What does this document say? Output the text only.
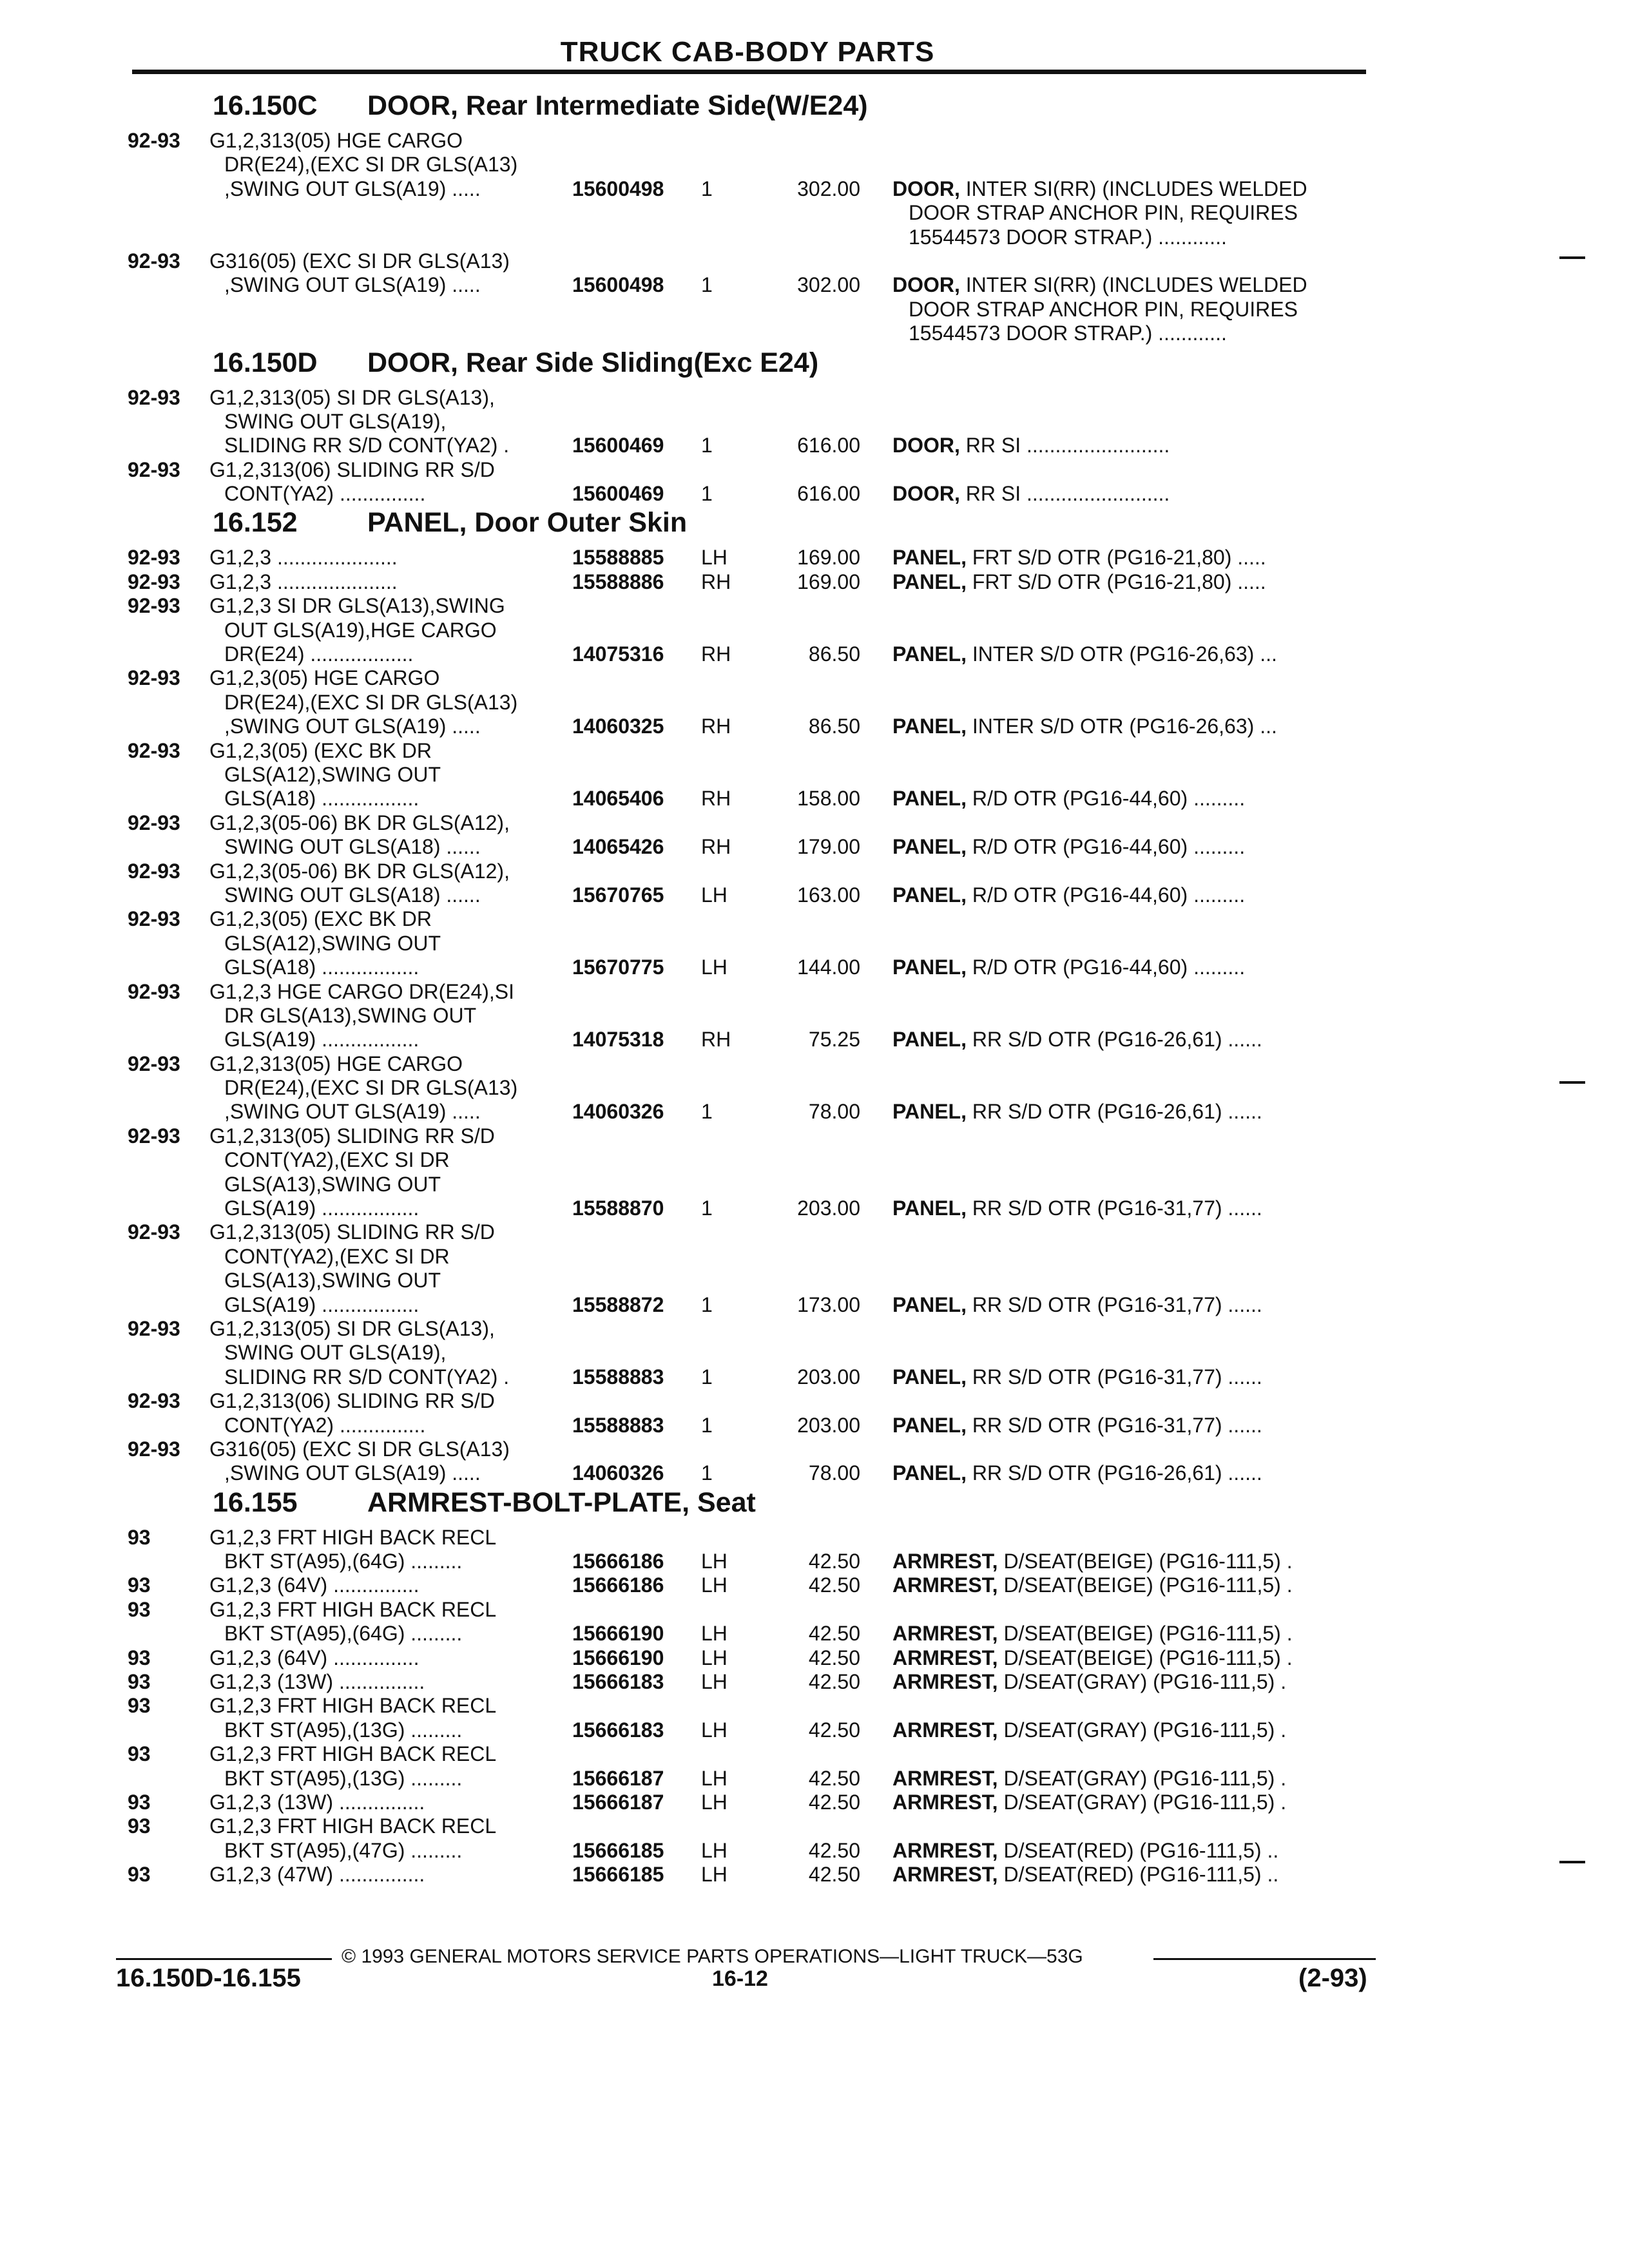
TRUCK CAB-BODY PARTS
16.150C DOOR, Rear Intermediate Side(W/E24)
92-93 G1,2,313(05) HGE CARGO
DR(E24),(EXC SI DR GLS(A13)
,SWING OUT GLS(A19) .....	15600498 1	302.00 DOOR, INTER SI(RR) (INCLUDES WELDED
DOOR STRAP ANCHOR PIN, REQUIRES
15544573 DOOR STRAP.) ............
92-93 G316(05) (EXC SI DR GLS(A13)
,SWING OUT GLS(A19) .....	15600498 1	302.00 DOOR, INTER SI(RR) (INCLUDES WELDED
DOOR STRAP ANCHOR PIN, REQUIRES
15544573 DOOR STRAP.) ............
16.150D DOOR, Rear Side Sliding(Exc E24)
92-93 G1,2,313(05) SI DR GLS(A13),
SWING OUT GLS(A19),
SLIDING RR S/D CONT(YA2) .	15600469 1	616.00 DOOR, RR SI .........................
92-93 G1,2,313(06) SLIDING RR S/D
CONT(YA2) ...............	15600469 1	616.00 DOOR, RR SI .........................
16.152	PANEL, Door Outer Skin
92-93 G1,2,3 .....................	15588885 LH	169.00 PANEL, FRT S/D OTR (PG16-21,80) .....
92-93 G1,2,3 .....................	15588886 RH	169.00 PANEL, FRT S/D OTR (PG16-21,80) .....
92-93 G1,2,3 SI DR GLS(A13),SWING
OUT GLS(A19),HGE CARGO
DR(E24) ..................	14075316 RH	86.50 PANEL, INTER S/D OTR (PG16-26,63) ...
92-93 G1,2,3(05) HGE CARGO
DR(E24),(EXC SI DR GLS(A13)
,SWING OUT GLS(A19) .....	14060325 RH	86.50 PANEL, INTER S/D OTR (PG16-26,63) ...
92-93 G1,2,3(05) (EXC BK DR
GLS(A12),SWING OUT
GLS(A18) .................	14065406 RH	158.00 PANEL, R/D OTR (PG16-44,60) .........
92-93 G1,2,3(05-06) BK DR GLS(A12),
SWING OUT GLS(A18) ......	14065426 RH	179.00 PANEL, R/D OTR (PG16-44,60) .........
92-93 G1,2,3(05-06) BK DR GLS(A12),
SWING OUT GLS(A18) ......	15670765 LH	163.00 PANEL, R/D OTR (PG16-44,60) .........
92-93 G1,2,3(05) (EXC BK DR
GLS(A12),SWING OUT
GLS(A18) .................	15670775 LH	144.00 PANEL, R/D OTR (PG16-44,60) .........
92-93 G1,2,3 HGE CARGO DR(E24),SI
DR GLS(A13),SWING OUT
GLS(A19) .................	14075318 RH	75.25 PANEL, RR S/D OTR (PG16-26,61) ......
92-93 G1,2,313(05) HGE CARGO
DR(E24),(EXC SI DR GLS(A13)
,SWING OUT GLS(A19) .....	14060326 1	78.00 PANEL, RR S/D OTR (PG16-26,61) ......
92-93 G1,2,313(05) SLIDING RR S/D
CONT(YA2),(EXC SI DR
GLS(A13),SWING OUT
GLS(A19) .................	15588870 1	203.00 PANEL, RR S/D OTR (PG16-31,77) ......
92-93 G1,2,313(05) SLIDING RR S/D
CONT(YA2),(EXC SI DR
GLS(A13),SWING OUT
GLS(A19) .................	15588872 1	173.00 PANEL, RR S/D OTR (PG16-31,77) ......
92-93 G1,2,313(05) SI DR GLS(A13),
SWING OUT GLS(A19),
SLIDING RR S/D CONT(YA2) .	15588883 1	203.00 PANEL, RR S/D OTR (PG16-31,77) ......
92-93 G1,2,313(06) SLIDING RR S/D
CONT(YA2) ...............	15588883 1	203.00 PANEL, RR S/D OTR (PG16-31,77) ......
92-93 G316(05) (EXC SI DR GLS(A13)
,SWING OUT GLS(A19) .....	14060326 1	78.00 PANEL, RR S/D OTR (PG16-26,61) ......
16.155	ARMREST-BOLT-PLATE, Seat
93	G1,2,3 FRT HIGH BACK RECL
BKT ST(A95),(64G) .........	15666186 LH	42.50 ARMREST, D/SEAT(BEIGE) (PG16-111,5) .
93	G1,2,3 (64V) ...............	15666186 LH	42.50 ARMREST, D/SEAT(BEIGE) (PG16-111,5) .
93	G1,2,3 FRT HIGH BACK RECL
BKT ST(A95),(64G) .........	15666190 LH	42.50 ARMREST, D/SEAT(BEIGE) (PG16-111,5) .
93	G1,2,3 (64V) ...............	15666190 LH	42.50 ARMREST, D/SEAT(BEIGE) (PG16-111,5) .
93	G1,2,3 (13W) ...............	15666183 LH	42.50 ARMREST, D/SEAT(GRAY) (PG16-111,5) .
93	G1,2,3 FRT HIGH BACK RECL
BKT ST(A95),(13G) .........	15666183 LH	42.50 ARMREST, D/SEAT(GRAY) (PG16-111,5) .
93	G1,2,3 FRT HIGH BACK RECL
BKT ST(A95),(13G) .........	15666187 LH	42.50 ARMREST, D/SEAT(GRAY) (PG16-111,5) .
93	G1,2,3 (13W) ...............	15666187 LH	42.50 ARMREST, D/SEAT(GRAY) (PG16-111,5) .
93	G1,2,3 FRT HIGH BACK RECL
BKT ST(A95),(47G) .........	15666185 LH	42.50 ARMREST, D/SEAT(RED) (PG16-111,5) ..
93	G1,2,3 (47W) ...............	15666185 LH	42.50 ARMREST, D/SEAT(RED) (PG16-111,5) ..
© 1993 GENERAL MOTORS SERVICE PARTS OPERATIONS—LIGHT TRUCK—53G
16.150D-16.155	16-12	(2-93)
